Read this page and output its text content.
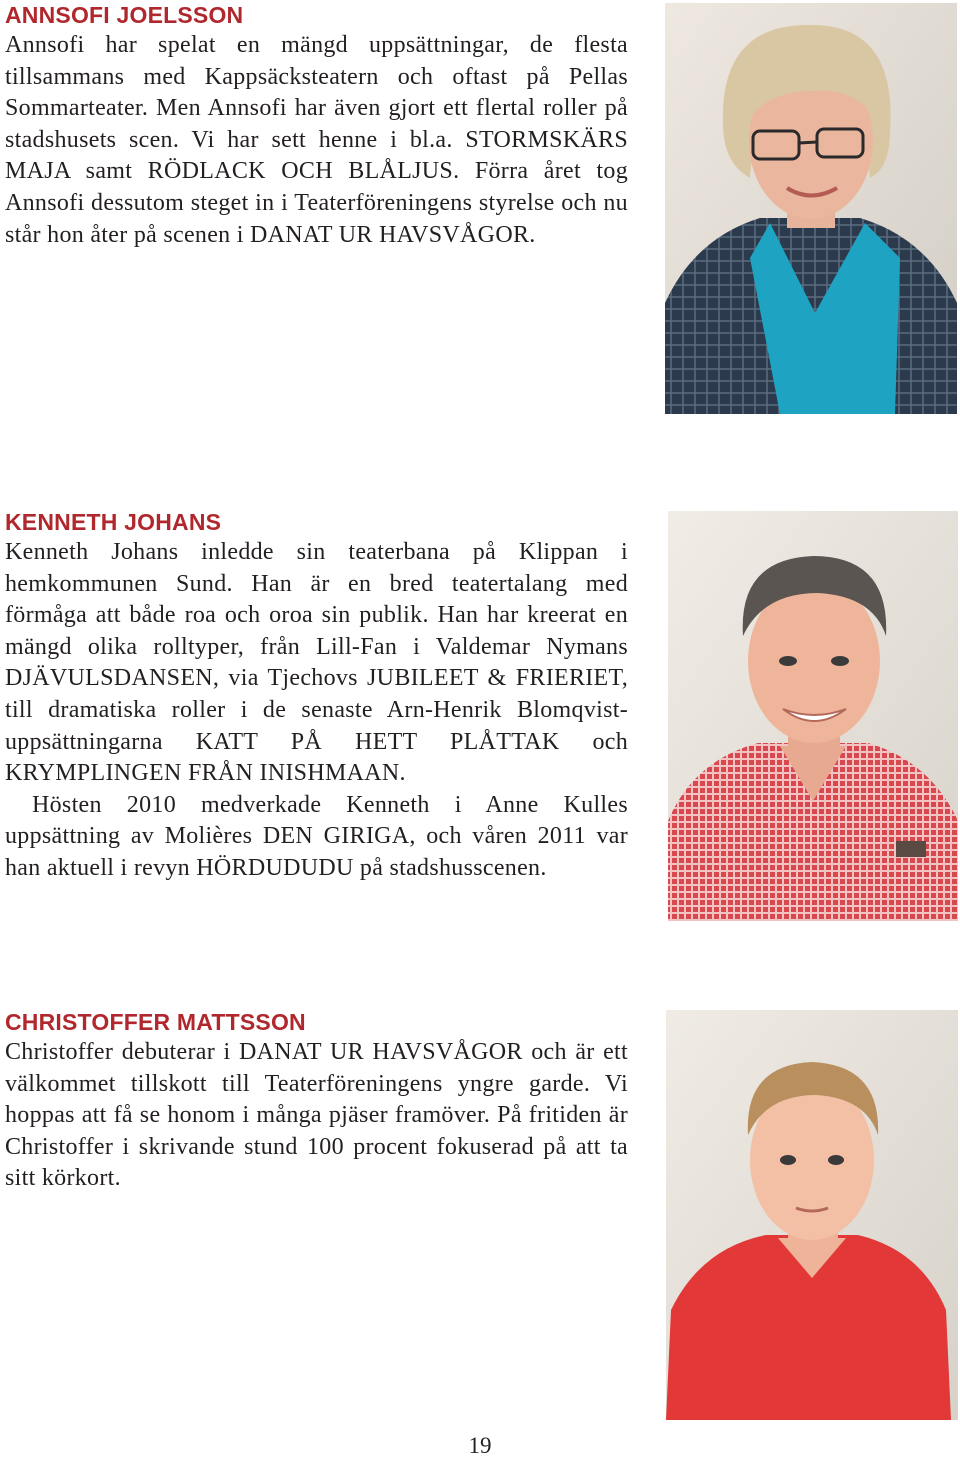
ANNSOFI JOELSSON

Annsofi har spelat en mängd uppsättningar, de flesta tillsammans med Kappsäcksteatern och oftast på Pellas Sommarteater. Men Annsofi har även gjort ett flertal roller på stadshusets scen. Vi har sett henne i bl.a. STORMSKÄRS MAJA samt RÖDLACK OCH BLÅLJUS. Förra året tog Annsofi dessutom steget in i Teaterföreningens styrelse och nu står hon åter på scenen i DANAT UR HAVSVÅGOR.

KENNETH JOHANS

Kenneth Johans inledde sin teaterbana på Klippan i hemkommunen Sund. Han är en bred teatertalang med förmåga att både roa och oroa sin publik. Han har kreerat en mängd olika rolltyper, från Lill-Fan i Valdemar Nymans DJÄVULSDANSEN, via Tjechovs JUBILEET & FRIERIET, till dramatiska roller i de senaste Arn-Henrik Blomqvist-uppsättningarna KATT PÅ HETT PLÅTTAK och KRYMPLINGEN FRÅN INISHMAAN.

Hösten 2010 medverkade Kenneth i Anne Kulles uppsättning av Molières DEN GIRIGA, och våren 2011 var han aktuell i revyn HÖRDUDUDU på stadshusscenen.

CHRISTOFFER MATTSSON

Christoffer debuterar i DANAT UR HAVSVÅGOR och är ett välkommet tillskott till Teaterföreningens yngre garde. Vi hoppas att få se honom i många pjäser framöver. På fritiden är Christoffer i skrivande stund 100 procent fokuserad på att ta sitt körkort.

19
